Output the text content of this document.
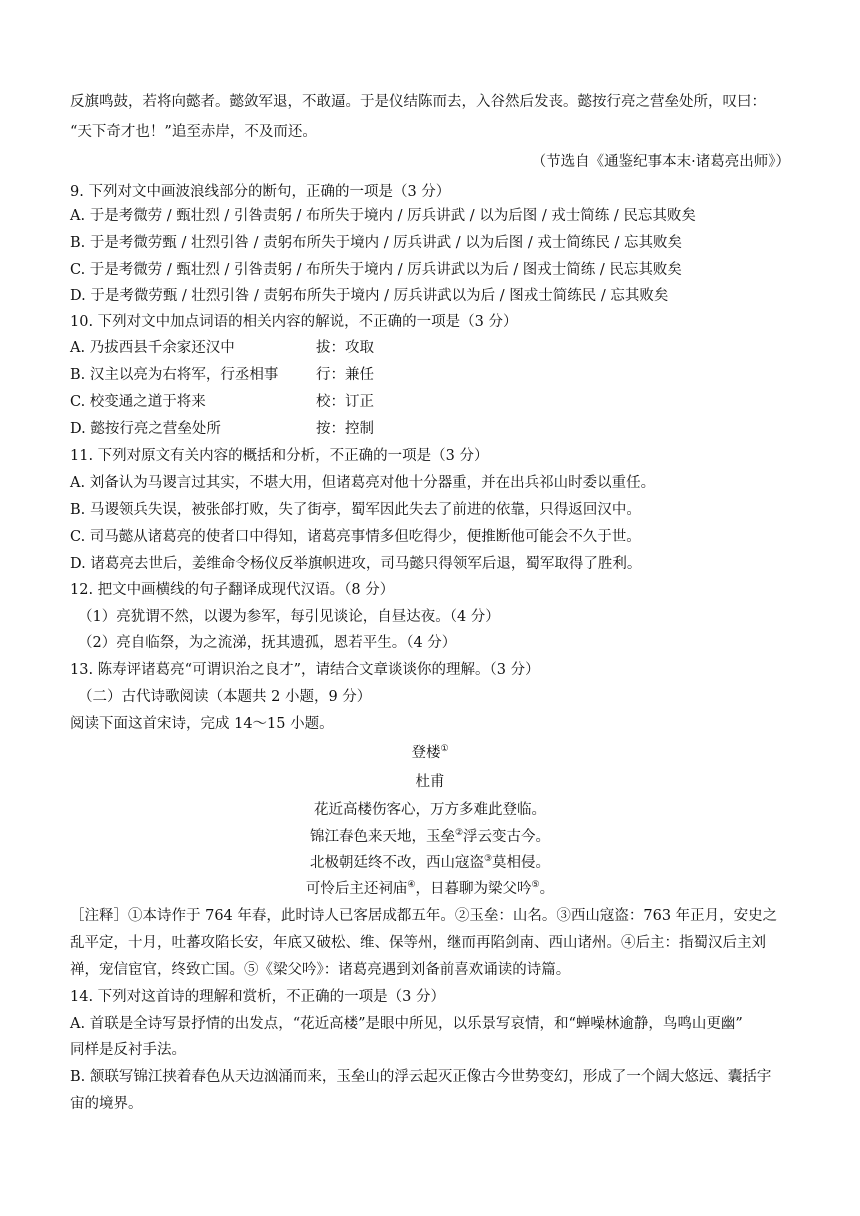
反旗鸣鼓，若将向懿者。懿敛军退，不敢逼。于是仪结陈而去，入谷然后发丧。懿按行亮之营垒处所，叹曰：
“天下奇才也！”追至赤岸，不及而还。
（节选自《通鉴纪事本末·诸葛亮出师》）
9. 下列对文中画波浪线部分的断句，正确的一项是（3 分）
A. 于是考微劳 / 甄壮烈 / 引咎责躬 / 布所失于境内 / 厉兵讲武 / 以为后图 / 戎士简练 / 民忘其败矣
B. 于是考微劳甄 / 壮烈引咎 / 责躬布所失于境内 / 厉兵讲武 / 以为后图 / 戎士简练民 / 忘其败矣
C. 于是考微劳 / 甄壮烈 / 引咎责躬 / 布所失于境内 / 厉兵讲武以为后 / 图戎士简练 / 民忘其败矣
D. 于是考微劳甄 / 壮烈引咎 / 责躬布所失于境内 / 厉兵讲武以为后 / 图戎士简练民 / 忘其败矣
10. 下列对文中加点词语的相关内容的解说，不正确的一项是（3 分）
A. 乃拔西县千余家还汉中	拔：攻取
B. 汉主以亮为右将军，行丞相事	行：兼任
C. 校变通之道于将来	校：订正
D. 懿按行亮之营垒处所	按：控制
11. 下列对原文有关内容的概括和分析，不正确的一项是（3 分）
A. 刘备认为马谡言过其实，不堪大用，但诸葛亮对他十分器重，并在出兵祁山时委以重任。
B. 马谡领兵失误，被张郃打败，失了街亭，蜀军因此失去了前进的依靠，只得返回汉中。
C. 司马懿从诸葛亮的使者口中得知，诸葛亮事情多但吃得少，便推断他可能会不久于世。
D. 诸葛亮去世后，姜维命令杨仪反举旗帜进攻，司马懿只得领军后退，蜀军取得了胜利。
12. 把文中画横线的句子翻译成现代汉语。（8 分）
（1）亮犹谓不然，以谡为参军，每引见谈论，自昼达夜。（4 分）
（2）亮自临祭，为之流涕，抚其遗孤，恩若平生。（4 分）
13. 陈寿评诸葛亮“可谓识治之良才”，请结合文章谈谈你的理解。（3 分）
（二）古代诗歌阅读（本题共 2 小题，9 分）
阅读下面这首宋诗，完成 14～15 小题。
登楼①
杜甫
花近高楼伤客心，万方多难此登临。
锦江春色来天地，玉垒②浮云变古今。
北极朝廷终不改，西山寇盗③莫相侵。
可怜后主还祠庙④，日暮聊为梁父吟⑤。
［注释］①本诗作于 764 年春，此时诗人已客居成都五年。②玉垒：山名。③西山寇盗：763 年正月，安史之
乱平定，十月，吐蕃攻陷长安，年底又破松、维、保等州，继而再陷剑南、西山诸州。④后主：指蜀汉后主刘
禅，宠信宦官，终致亡国。⑤《梁父吟》：诸葛亮遇到刘备前喜欢诵读的诗篇。
14. 下列对这首诗的理解和赏析，不正确的一项是（3 分）
A. 首联是全诗写景抒情的出发点，“花近高楼”是眼中所见，以乐景写哀情，和“蝉噪林逾静，鸟鸣山更幽”
同样是反衬手法。
B. 颔联写锦江挟着春色从天边汹涌而来，玉垒山的浮云起灭正像古今世势变幻，形成了一个阔大悠远、囊括宇
宙的境界。
